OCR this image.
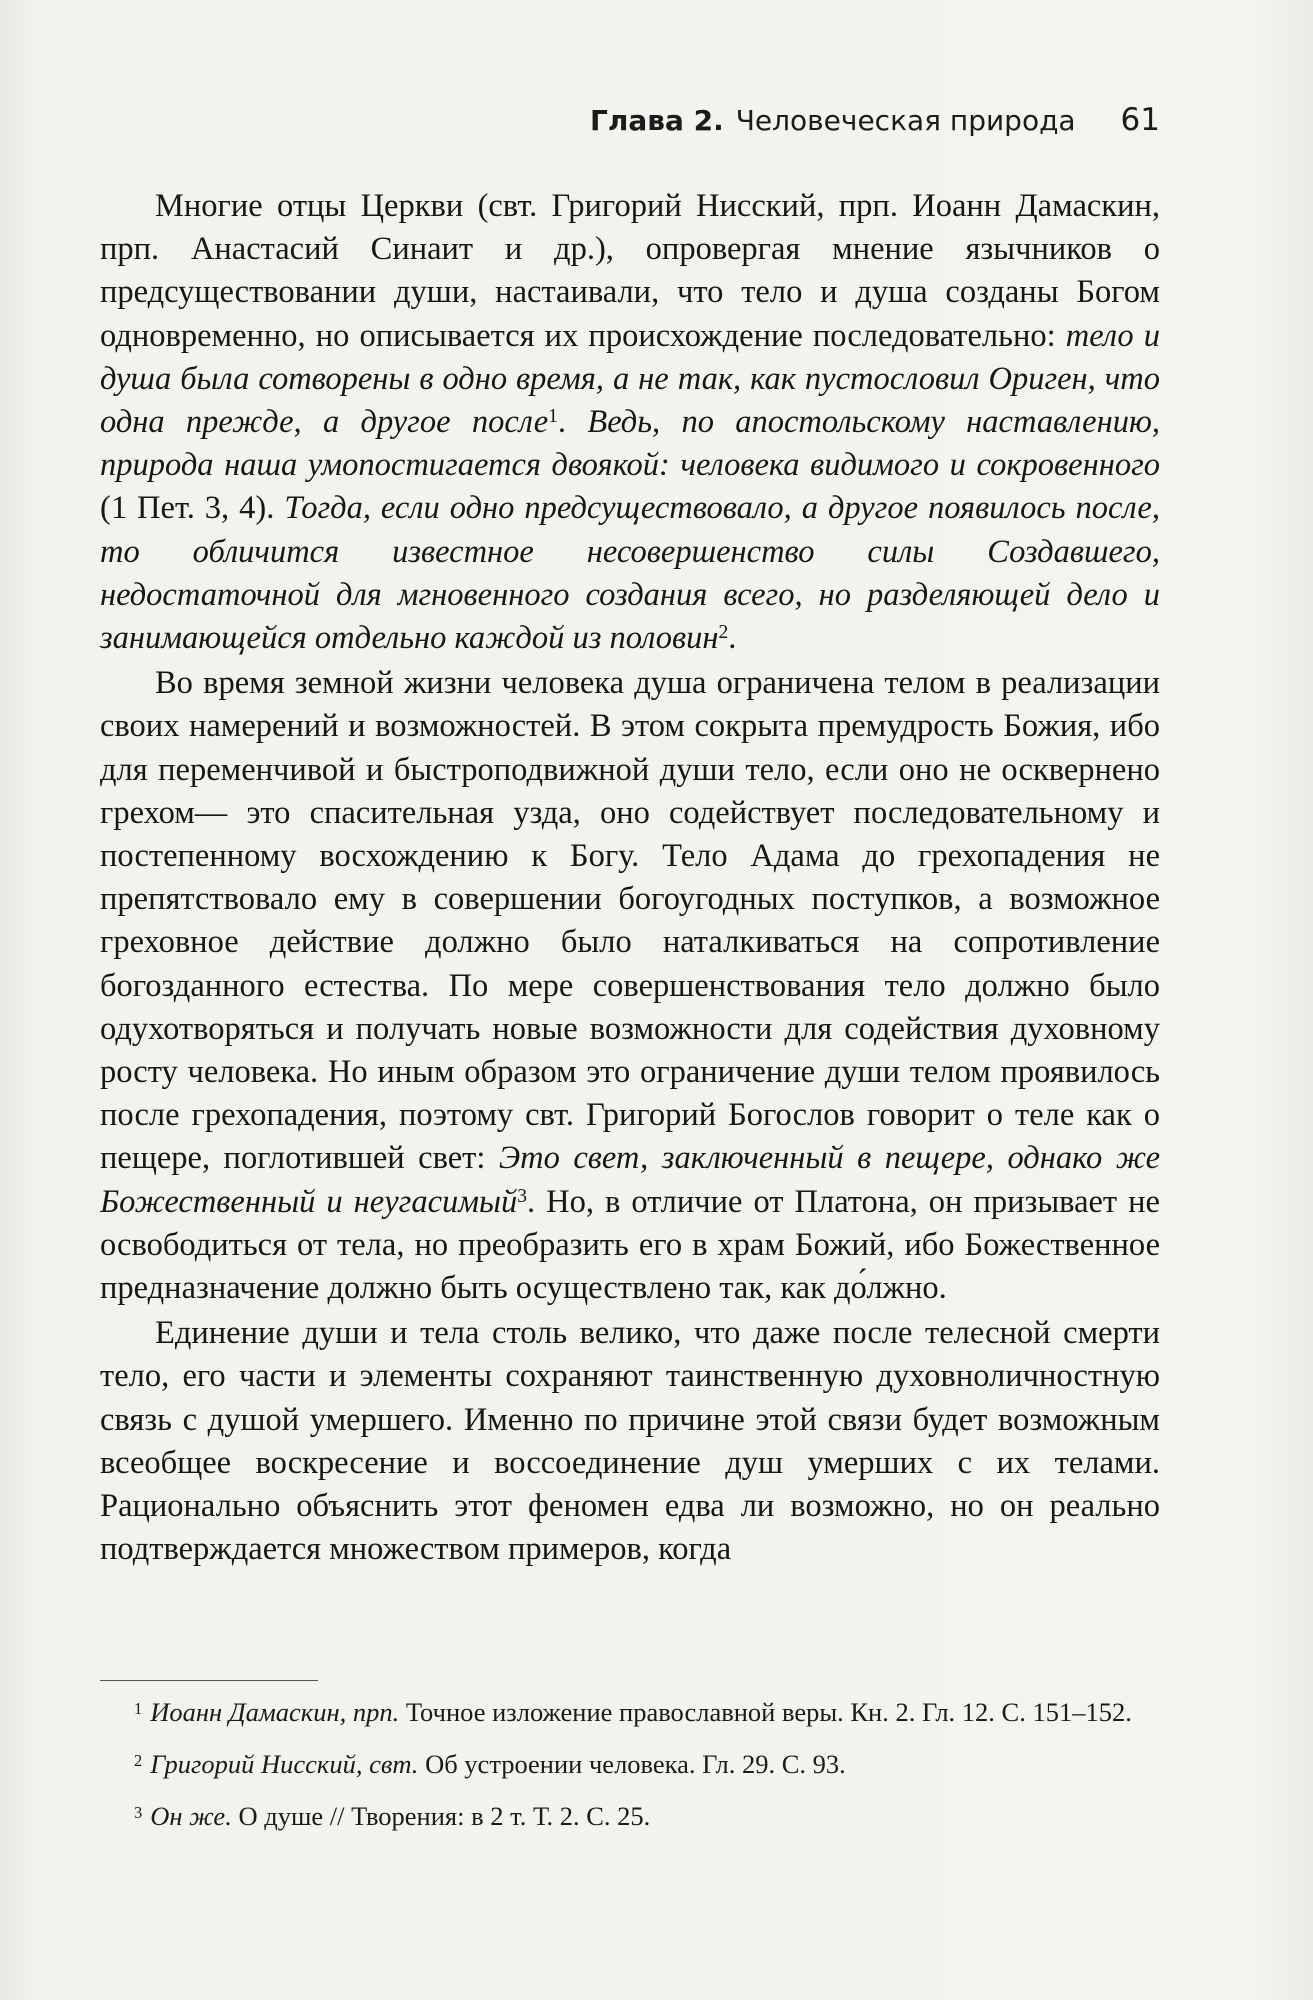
Глава 2. Человеческая природа 61

Многие отцы Церкви (свт. Григорий Нисский, прп. Иоанн Дамаскин, прп. Анастасий Синаит и др.), опровергая мнение язычников о предсуществовании души, настаивали, что тело и душа созданы Богом одновременно, но описывается их происхождение последовательно: тело и душа была сотворены в одно время, а не так, как пустословил Ориген, что одна прежде, а другое после$^1$. Ведь, по апостольскому наставлению, природа наша умопостигается двоякой: человека видимого и сокровенного (1 Пет. 3, 4). Тогда, если одно предсуществовало, а другое появилось после, то обличится известное несовершенство силы Создавшего, недостаточной для мгновенного создания всего, но разделяющей дело и занимающейся отдельно каждой из половин$^2$.

Во время земной жизни человека душа ограничена телом в реализации своих намерений и возможностей. В этом сокрыта премудрость Божия, ибо для переменчивой и быстроподвижной души тело, если оно не осквернено грехом— это спасительная узда, оно содействует последовательному и постепенному восхождению к Богу. Тело Адама до грехопадения не препятствовало ему в совершении богоугодных поступков, а возможное греховное действие должно было наталкиваться на сопротивление богозданного естества. По мере совершенствования тело должно было одухотворяться и получать новые возможности для содействия духовному росту человека. Но иным образом это ограничение души телом проявилось после грехопадения, поэтому свт. Григорий Богослов говорит о теле как о пещере, поглотившей свет: Это свет, заключенный в пещере, однако же Божественный и неугасимый$^3$. Но, в отличие от Платона, он призывает не освободиться от тела, но преобразить его в храм Божий, ибо Божественное предназначение должно быть осуществлено так, как до́лжно.

Единение души и тела столь велико, что даже после телесной смерти тело, его части и элементы сохраняют таинственную духовноличностную связь с душой умершего. Именно по причине этой связи будет возможным всеобщее воскресение и воссоединение душ умерших с их телами. Рационально объяснить этот феномен едва ли возможно, но он реально подтверждается множеством примеров, когда

$^1$ Иоанн Дамаскин, прп. Точное изложение православной веры. Кн. 2. Гл. 12. С. 151–152.

$^2$ Григорий Нисский, свт. Об устроении человека. Гл. 29. С. 93.

$^3$ Он же. О душе // Творения: в 2 т. Т. 2. С. 25.
